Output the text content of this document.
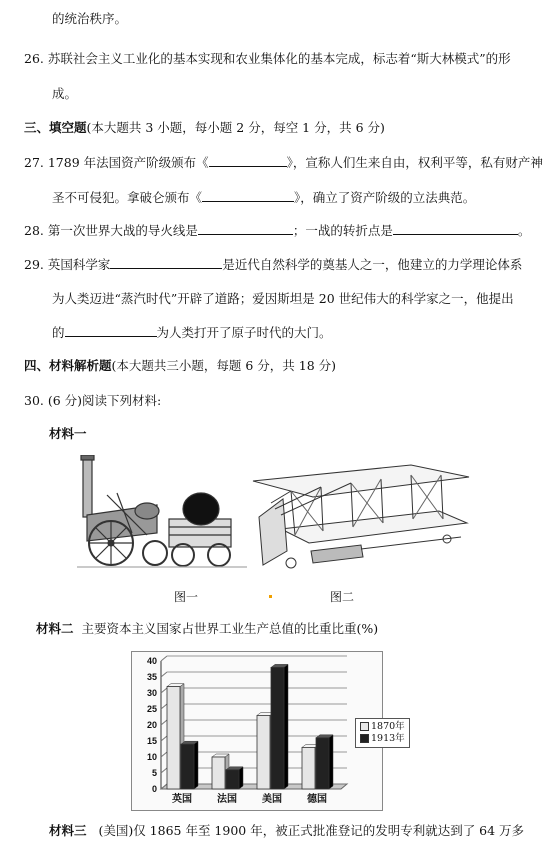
的统治秩序。
26. 苏联社会主义工业化的基本实现和农业集体化的基本完成，标志着“斯大林模式”的形
成。
三、填空题(本大题共 3 小题，每小题 2 分，每空 1 分，共 6 分)
27. 1789 年法国资产阶级颁布《	》，宣称人们生来自由，权利平等，私有财产神
圣不可侵犯。拿破仑颁布《	》，确立了资产阶级的立法典范。
28. 第一次世界大战的导火线是	；一战的转折点是	。
29. 英国科学家	是近代自然科学的奠基人之一，他建立的力学理论体系
为人类迈进“蒸汽时代”开辟了道路；爱因斯坦是 20 世纪伟大的科学家之一，他提出
的	为人类打开了原子时代的大门。
四、材料解析题(本大题共三小题，每题 6 分，共 18 分)
30. (6 分)阅读下列材料:
材料一
图一	图二
材料二 主要资本主义国家占世界工业生产总值的比重比重(%)
0
5
10
15
20
25
30
35
40
英国	法国	美国	德国
1870年
1913年
材料三 (美国)仅 1865 年至 1900 年，被正式批准登记的发明专利就达到了 64 万多
